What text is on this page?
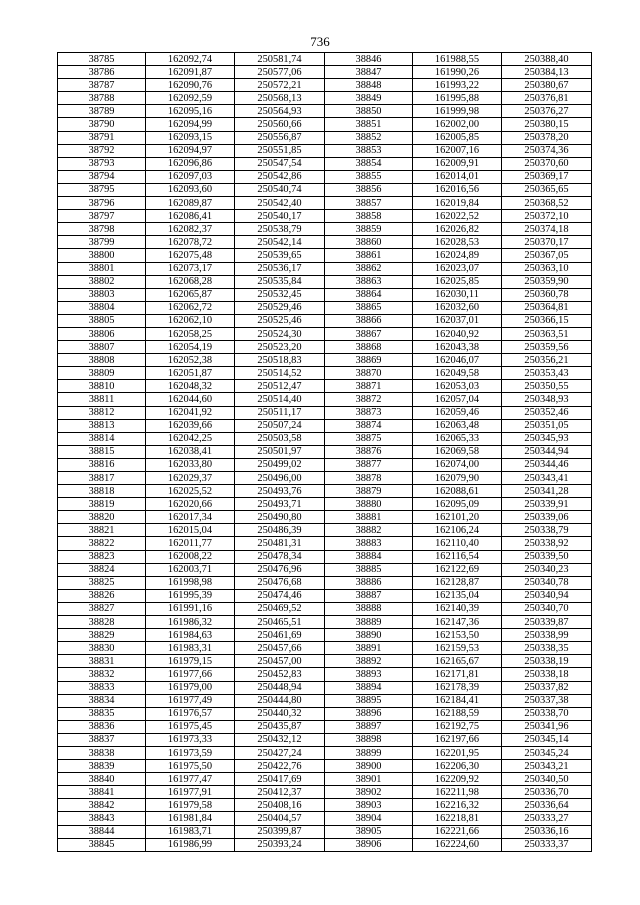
736
38785	162092,74	250581,74	38846	161988,55	250388,40
38786	162091,87	250577,06	38847	161990,26	250384,13
38787	162090,76	250572,21	38848	161993,22	250380,67
38788	162092,59	250568,13	38849	161995,88	250376,81
38789	162095,16	250564,93	38850	161999,98	250376,27
38790	162094,99	250560,66	38851	162002,00	250380,15
38791	162093,15	250556,87	38852	162005,85	250378,20
38792	162094,97	250551,85	38853	162007,16	250374,36
38793	162096,86	250547,54	38854	162009,91	250370,60
38794	162097,03	250542,86	38855	162014,01	250369,17
38795	162093,60	250540,74	38856	162016,56	250365,65
38796	162089,87	250542,40	38857	162019,84	250368,52
38797	162086,41	250540,17	38858	162022,52	250372,10
38798	162082,37	250538,79	38859	162026,82	250374,18
38799	162078,72	250542,14	38860	162028,53	250370,17
38800	162075,48	250539,65	38861	162024,89	250367,05
38801	162073,17	250536,17	38862	162023,07	250363,10
38802	162068,28	250535,84	38863	162025,85	250359,90
38803	162065,87	250532,45	38864	162030,11	250360,78
38804	162062,72	250529,46	38865	162032,60	250364,81
38805	162062,10	250525,46	38866	162037,01	250366,15
38806	162058,25	250524,30	38867	162040,92	250363,51
38807	162054,19	250523,20	38868	162043,38	250359,56
38808	162052,38	250518,83	38869	162046,07	250356,21
38809	162051,87	250514,52	38870	162049,58	250353,43
38810	162048,32	250512,47	38871	162053,03	250350,55
38811	162044,60	250514,40	38872	162057,04	250348,93
38812	162041,92	250511,17	38873	162059,46	250352,46
38813	162039,66	250507,24	38874	162063,48	250351,05
38814	162042,25	250503,58	38875	162065,33	250345,93
38815	162038,41	250501,97	38876	162069,58	250344,94
38816	162033,80	250499,02	38877	162074,00	250344,46
38817	162029,37	250496,00	38878	162079,90	250343,41
38818	162025,52	250493,76	38879	162088,61	250341,28
38819	162020,66	250493,71	38880	162095,09	250339,91
38820	162017,34	250490,80	38881	162101,20	250339,06
38821	162015,04	250486,39	38882	162106,24	250338,79
38822	162011,77	250481,31	38883	162110,40	250338,92
38823	162008,22	250478,34	38884	162116,54	250339,50
38824	162003,71	250476,96	38885	162122,69	250340,23
38825	161998,98	250476,68	38886	162128,87	250340,78
38826	161995,39	250474,46	38887	162135,04	250340,94
38827	161991,16	250469,52	38888	162140,39	250340,70
38828	161986,32	250465,51	38889	162147,36	250339,87
38829	161984,63	250461,69	38890	162153,50	250338,99
38830	161983,31	250457,66	38891	162159,53	250338,35
38831	161979,15	250457,00	38892	162165,67	250338,19
38832	161977,66	250452,83	38893	162171,81	250338,18
38833	161979,00	250448,94	38894	162178,39	250337,82
38834	161977,49	250444,80	38895	162184,41	250337,38
38835	161976,57	250440,32	38896	162188,59	250338,70
38836	161975,45	250435,87	38897	162192,75	250341,96
38837	161973,33	250432,12	38898	162197,66	250345,14
38838	161973,59	250427,24	38899	162201,95	250345,24
38839	161975,50	250422,76	38900	162206,30	250343,21
38840	161977,47	250417,69	38901	162209,92	250340,50
38841	161977,91	250412,37	38902	162211,98	250336,70
38842	161979,58	250408,16	38903	162216,32	250336,64
38843	161981,84	250404,57	38904	162218,81	250333,27
38844	161983,71	250399,87	38905	162221,66	250336,16
38845	161986,99	250393,24	38906	162224,60	250333,37
